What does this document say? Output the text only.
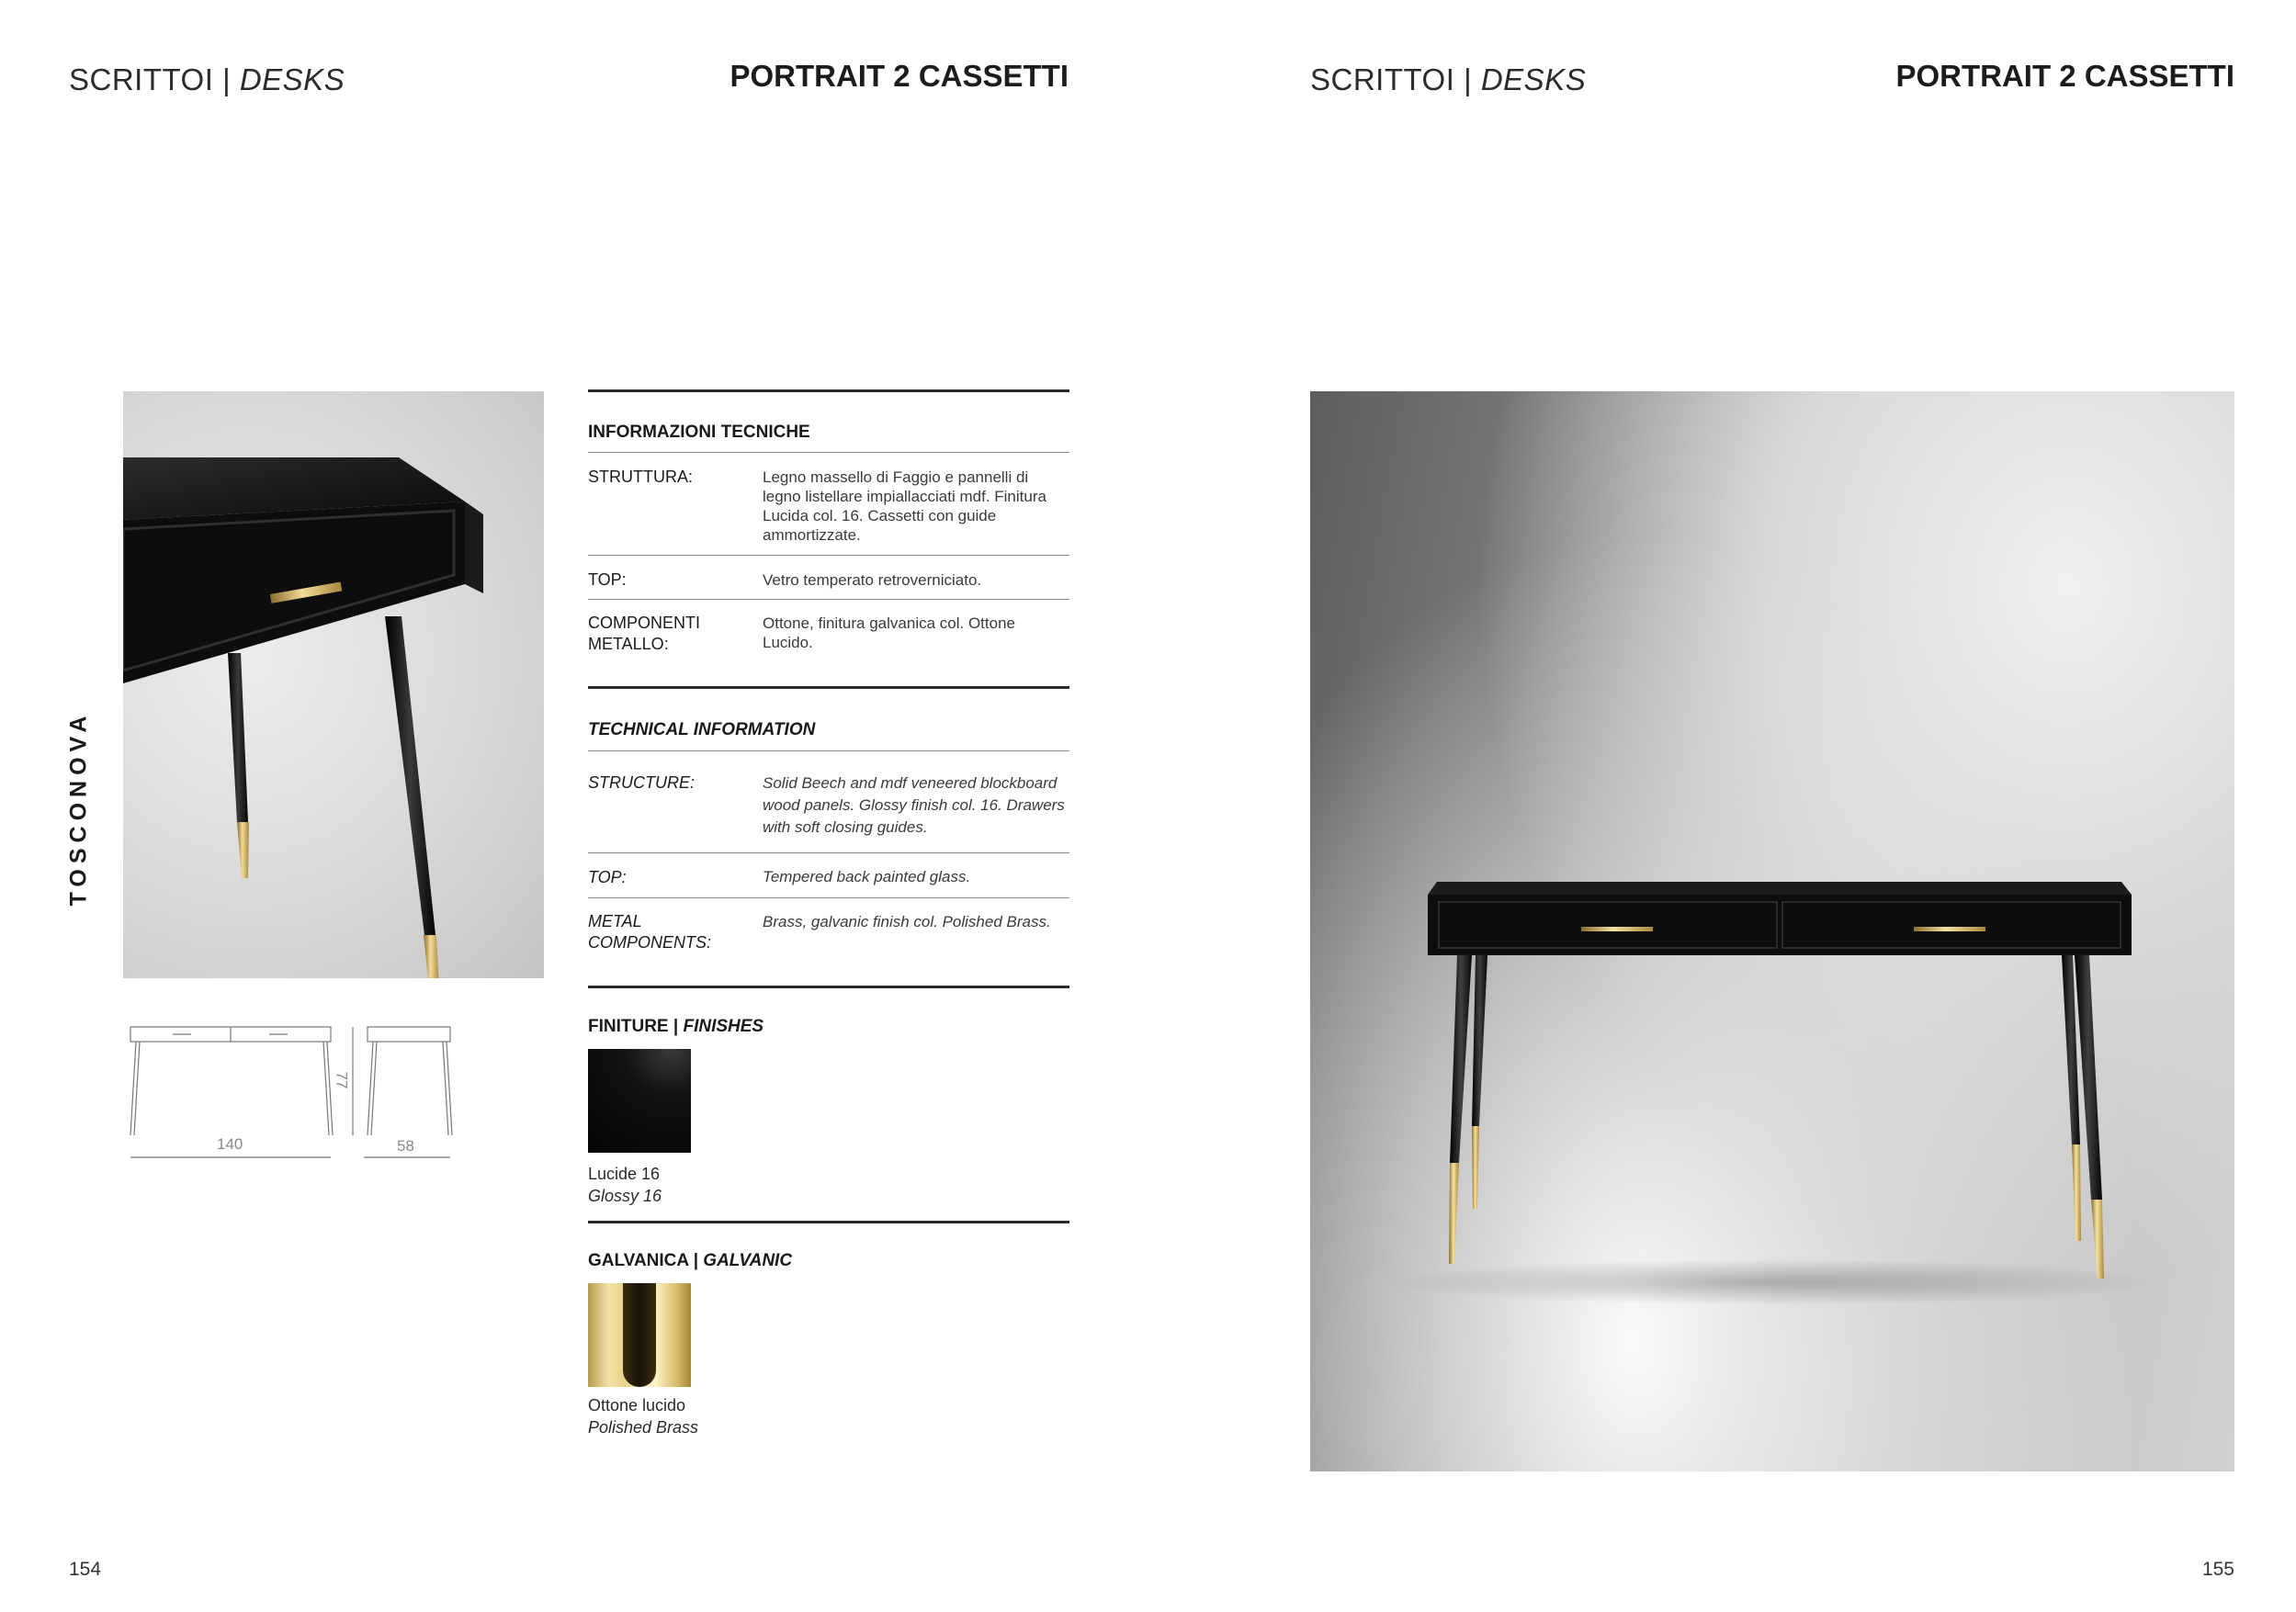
SCRITTOI | DESKS	PORTRAIT 2 CASSETTI
TOSCONOVA
140	58
77
INFORMAZIONI TECNICHE
STRUTTURA:	Legno massello di Faggio e pannelli di legno listellare impiallacciati mdf. Finitura Lucida col. 16. Cassetti con guide ammortizzate.
TOP:	Vetro temperato retroverniciato.
COMPONENTI METALLO:
Ottone, finitura galvanica col. Ottone Lucido.
TECHNICAL INFORMATION
STRUCTURE:	Solid Beech and mdf veneered blockboard wood panels. Glossy finish col. 16. Drawers with soft closing guides.
TOP:	Tempered back painted glass.
METAL COMPONENTS:
Brass, galvanic finish col. Polished Brass.
FINITURE | FINISHES
Lucide 16
Glossy 16
GALVANICA | GALVANIC
Ottone lucido
Polished Brass
154
SCRITTOI | DESKS	PORTRAIT 2 CASSETTI
155
